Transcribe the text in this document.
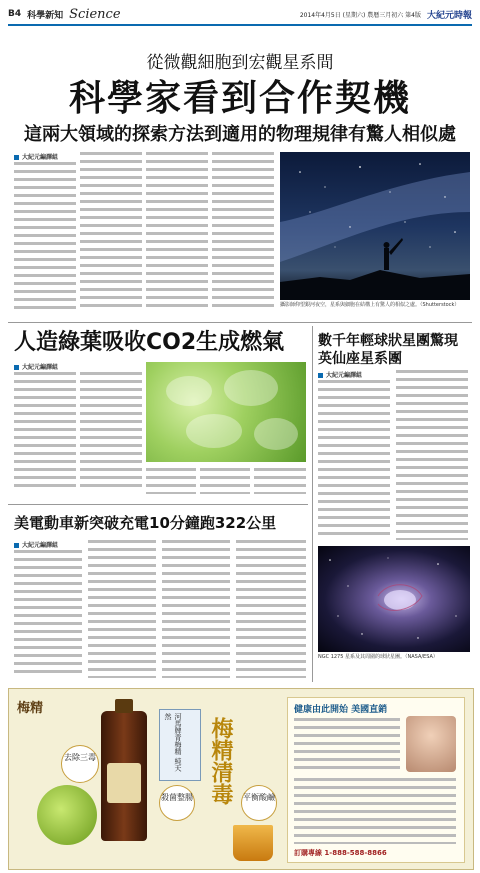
B4 科學新知 Science	2014年4月5日 (星期六) 農曆三月初六 第4版 大紀元時報
從微觀細胞到宏觀星系間
科學家看到合作契機
這兩大領域的探索方法到適用的物理規律有驚人相似處
大紀元編譯組
攝影師仰望銀河夜空，星系與細胞在結構上有驚人的相似之處。（Shutterstock）
人造綠葉吸收CO2生成燃氣
大紀元編譯組
數千年輕球狀星團驚現
英仙座星系團
大紀元編譯組
NGC 1275 星系及其周圍的球狀星團。（NASA/ESA）
美電動車新突破充電10分鐘跑322公里
大紀元編譯組
梅精
去除三毒
殺菌整腸
河馬牌青梅精 純天然
梅精清毒	平衡酸鹼
健康由此開始 美國直銷
訂購專線 1-888-588-8866
